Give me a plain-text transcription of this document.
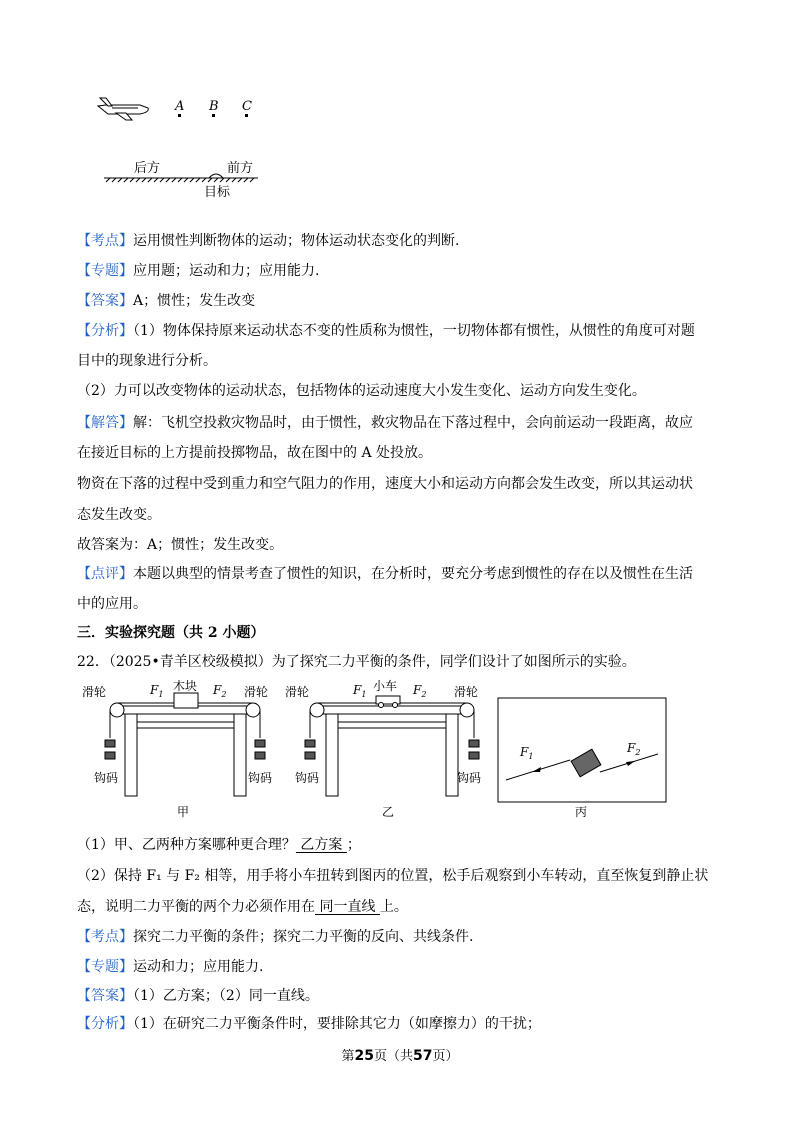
A B C
后方	前方
目标
【考点】运用惯性判断物体的运动；物体运动状态变化的判断.
【专题】应用题；运动和力；应用能力.
【答案】A；惯性；发生改变
【分析】（1）物体保持原来运动状态不变的性质称为惯性，一切物体都有惯性，从惯性的角度可对题
目中的现象进行分析。
（2）力可以改变物体的运动状态，包括物体的运动速度大小发生变化、运动方向发生变化。
【解答】解：飞机空投救灾物品时，由于惯性，救灾物品在下落过程中，会向前运动一段距离，故应
在接近目标的上方提前投掷物品，故在图中的 A 处投放。
物资在下落的过程中受到重力和空气阻力的作用，速度大小和运动方向都会发生改变，所以其运动状
态发生改变。
故答案为：A；惯性；发生改变。
【点评】本题以典型的情景考查了惯性的知识，在分析时，要充分考虑到惯性的存在以及惯性在生活
中的应用。
三．实验探究题（共 2 小题）
22．（2025•青羊区校级模拟）为了探究二力平衡的条件，同学们设计了如图所示的实验。
滑轮	滑轮
木块
$F_1$	$F_2$
钩码	钩码
甲
滑轮	滑轮
小车
$F_1$	$F_2$
钩码	钩码
乙
$F_1$
$F_2$
丙
（1）甲、乙两种方案哪种更合理？ 乙方案 ；
（2）保持 F₁ 与 F₂ 相等，用手将小车扭转到图丙的位置，松手后观察到小车转动，直至恢复到静止状
态，说明二力平衡的两个力必须作用在 同一直线 上。
【考点】探究二力平衡的条件；探究二力平衡的反向、共线条件.
【专题】运动和力；应用能力.
【答案】（1）乙方案；（2）同一直线。
【分析】（1）在研究二力平衡条件时，要排除其它力（如摩擦力）的干扰；
第25页（共57页）
